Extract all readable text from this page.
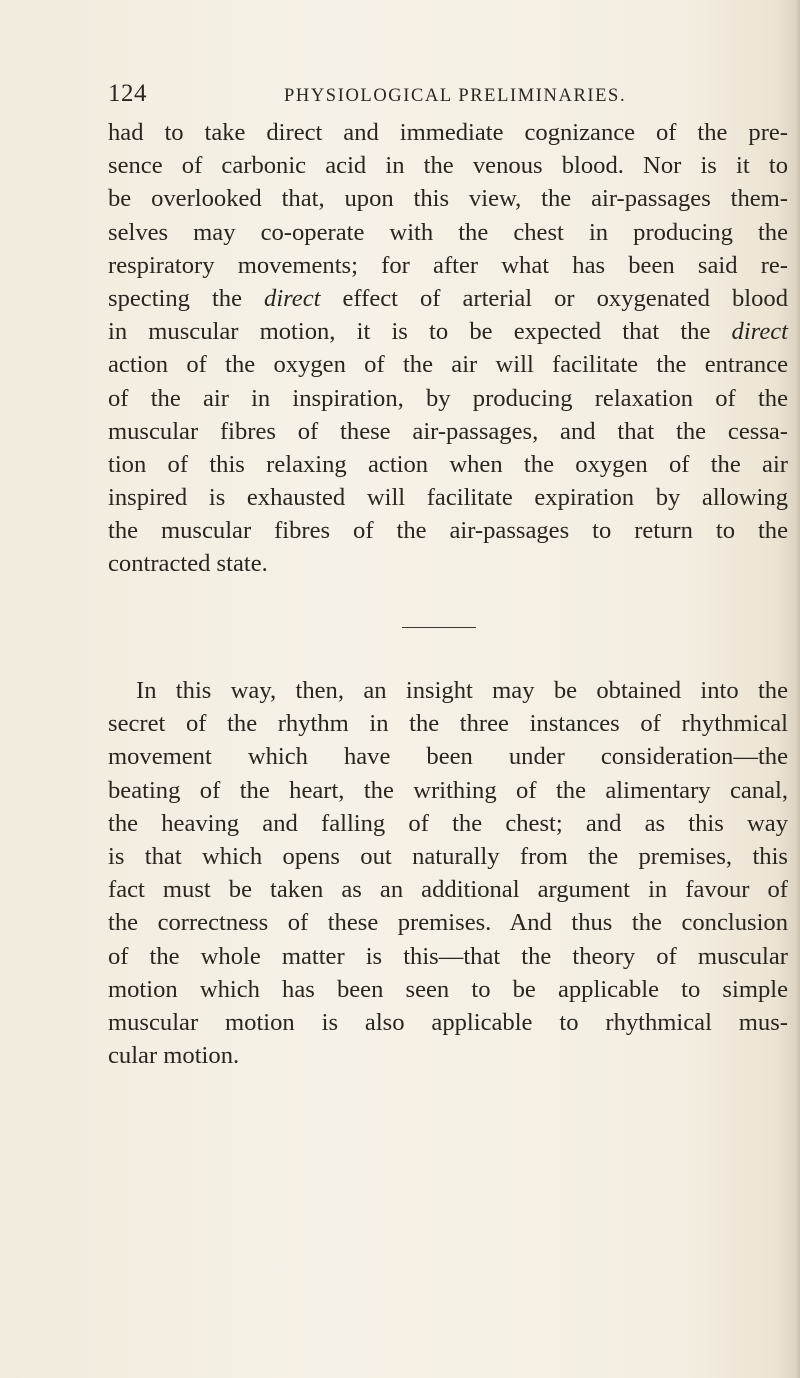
124	PHYSIOLOGICAL PRELIMINARIES.
had to take direct and immediate cognizance of the pre-
sence of carbonic acid in the venous blood. Nor is it to
be overlooked that, upon this view, the air-passages them-
selves may co-operate with the chest in producing the
respiratory movements; for after what has been said re-
specting the direct effect of arterial or oxygenated blood
in muscular motion, it is to be expected that the direct
action of the oxygen of the air will facilitate the entrance
of the air in inspiration, by producing relaxation of the
muscular fibres of these air-passages, and that the cessa-
tion of this relaxing action when the oxygen of the air
inspired is exhausted will facilitate expiration by allowing
the muscular fibres of the air-passages to return to the
contracted state.
In this way, then, an insight may be obtained into the
secret of the rhythm in the three instances of rhythmical
movement which have been under consideration—the
beating of the heart, the writhing of the alimentary canal,
the heaving and falling of the chest; and as this way
is that which opens out naturally from the premises, this
fact must be taken as an additional argument in favour of
the correctness of these premises. And thus the conclusion
of the whole matter is this—that the theory of muscular
motion which has been seen to be applicable to simple
muscular motion is also applicable to rhythmical mus-
cular motion.
